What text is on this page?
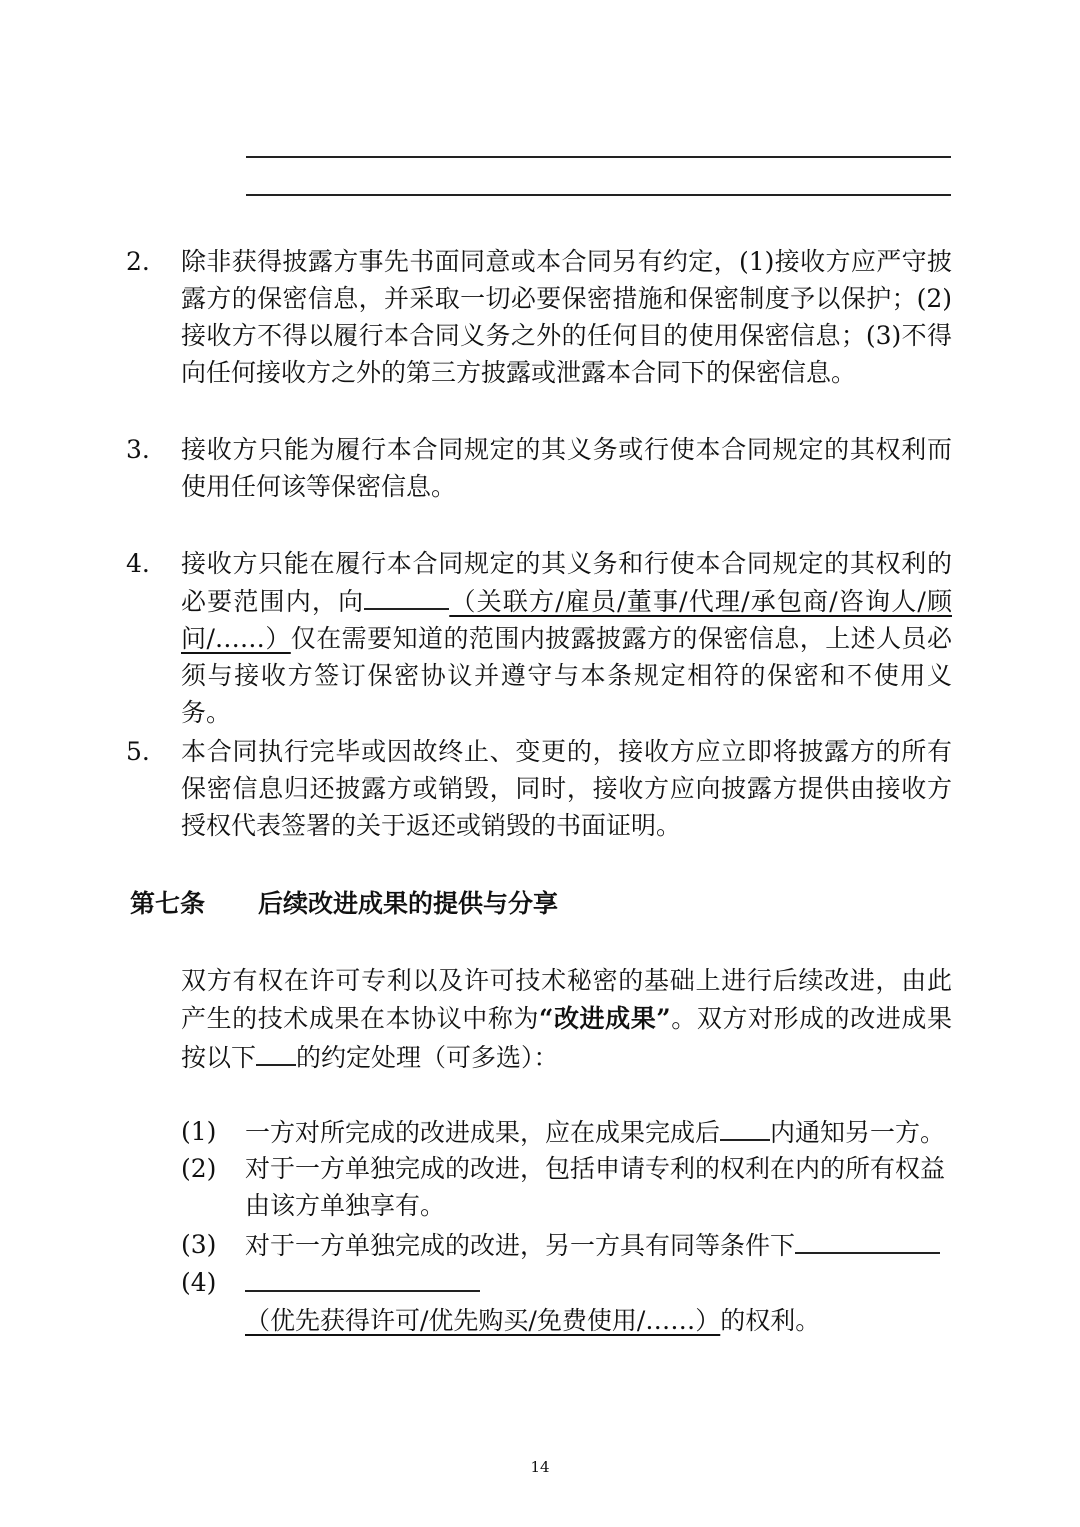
2.	除非获得披露方事先书面同意或本合同另有约定，(1)接收方应严守披露方的保密信息，并采取一切必要保密措施和保密制度予以保护；(2)接收方不得以履行本合同义务之外的任何目的使用保密信息；(3)不得向任何接收方之外的第三方披露或泄露本合同下的保密信息。
3.	接收方只能为履行本合同规定的其义务或行使本合同规定的其权利而使用任何该等保密信息。
4.	接收方只能在履行本合同规定的其义务和行使本合同规定的其权利的必要范围内，向	（关联方/雇员/董事/代理/承包商/咨询人/顾问/……）仅在需要知道的范围内披露披露方的保密信息，上述人员必须与接收方签订保密协议并遵守与本条规定相符的保密和不使用义务。
5.	本合同执行完毕或因故终止、变更的，接收方应立即将披露方的所有保密信息归还披露方或销毁，同时，接收方应向披露方提供由接收方授权代表签署的关于返还或销毁的书面证明。
第七条 后续改进成果的提供与分享
双方有权在许可专利以及许可技术秘密的基础上进行后续改进，由此产生的技术成果在本协议中称为“改进成果”。双方对形成的改进成果按以下 的约定处理（可多选）：
(1)	一方对所完成的改进成果，应在成果完成后 内通知另一方。
(2)	对于一方单独完成的改进，包括申请专利的权利在内的所有权益由该方单独享有。
(3)	对于一方单独完成的改进，另一方具有同等条件下
(4)
（优先获得许可/优先购买/免费使用/……）的权利。
14
